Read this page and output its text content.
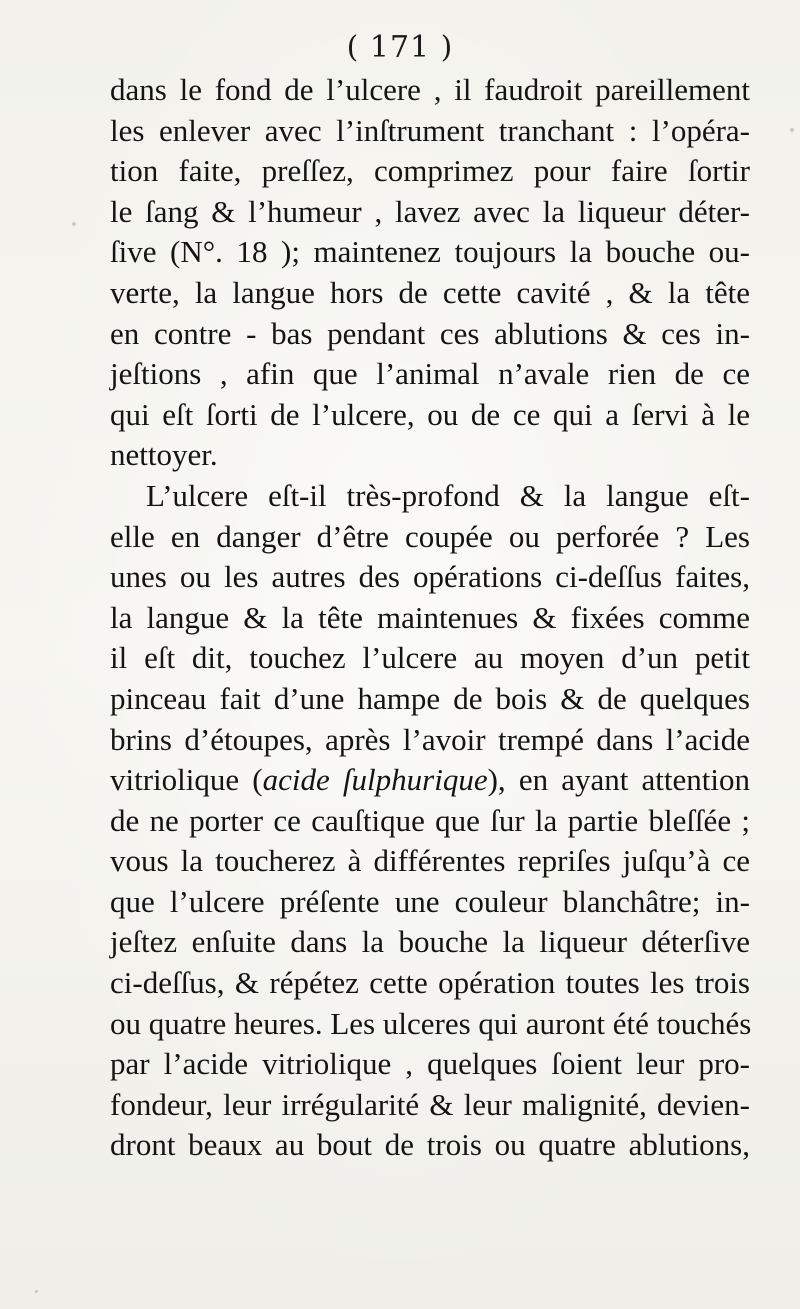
( 171 )
dans le fond de l’ulcere , il faudroit pareillement
les enlever avec l’inſtrument tranchant : l’opéra-
tion faite, preſſez, comprimez pour faire ſortir
le ſang & l’humeur , lavez avec la liqueur déter-
ſive (N°. 18 ); maintenez toujours la bouche ou-
verte, la langue hors de cette cavité , & la tête
en contre - bas pendant ces ablutions & ces in-
jeſtions , afin que l’animal n’avale rien de ce
qui eſt ſorti de l’ulcere, ou de ce qui a ſervi à le
nettoyer.
L’ulcere eſt-il très-profond & la langue eſt-
elle en danger d’être coupée ou perforée ? Les
unes ou les autres des opérations ci-deſſus faites,
la langue & la tête maintenues & fixées comme
il eſt dit, touchez l’ulcere au moyen d’un petit
pinceau fait d’une hampe de bois & de quelques
brins d’étoupes, après l’avoir trempé dans l’acide
vitriolique (acide ſulphurique), en ayant attention
de ne porter ce cauſtique que ſur la partie bleſſée ;
vous la toucherez à différentes repriſes juſqu’à ce
que l’ulcere préſente une couleur blanchâtre; in-
jeſtez enſuite dans la bouche la liqueur déterſive
ci-deſſus, & répétez cette opération toutes les trois
ou quatre heures. Les ulceres qui auront été touchés
par l’acide vitriolique , quelques ſoient leur pro-
fondeur, leur irrégularité & leur malignité, devien-
dront beaux au bout de trois ou quatre ablutions,
